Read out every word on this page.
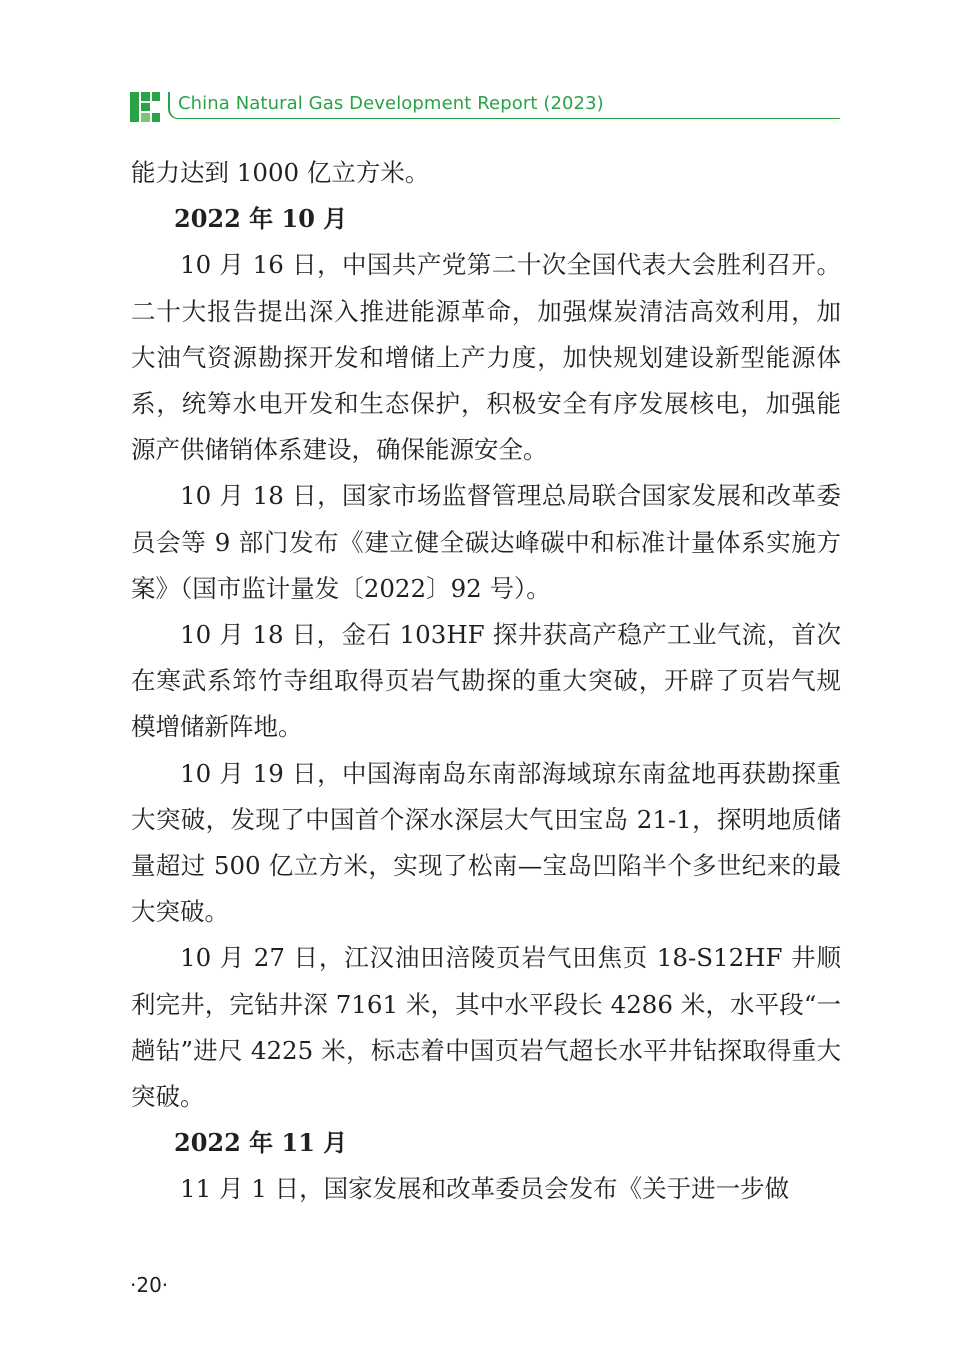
China Natural Gas Development Report (2023)

能力达到 1000 亿立方米。

2022 年 10 月

10 月 16 日，中国共产党第二十次全国代表大会胜利召开。二十大报告提出深入推进能源革命，加强煤炭清洁高效利用，加大油气资源勘探开发和增储上产力度，加快规划建设新型能源体系，统筹水电开发和生态保护，积极安全有序发展核电，加强能源产供储销体系建设，确保能源安全。

10 月 18 日，国家市场监督管理总局联合国家发展和改革委员会等 9 部门发布《建立健全碳达峰碳中和标准计量体系实施方案》（国市监计量发〔2022〕92 号）。

10 月 18 日，金石 103HF 探井获高产稳产工业气流，首次在寒武系筇竹寺组取得页岩气勘探的重大突破，开辟了页岩气规模增储新阵地。

10 月 19 日，中国海南岛东南部海域琼东南盆地再获勘探重大突破，发现了中国首个深水深层大气田宝岛 21-1，探明地质储量超过 500 亿立方米，实现了松南—宝岛凹陷半个多世纪来的最大突破。

10 月 27 日，江汉油田涪陵页岩气田焦页 18-S12HF 井顺利完井，完钻井深 7161 米，其中水平段长 4286 米，水平段“一趟钻”进尺 4225 米，标志着中国页岩气超长水平井钻探取得重大突破。

2022 年 11 月

11 月 1 日，国家发展和改革委员会发布《关于进一步做

·20·
